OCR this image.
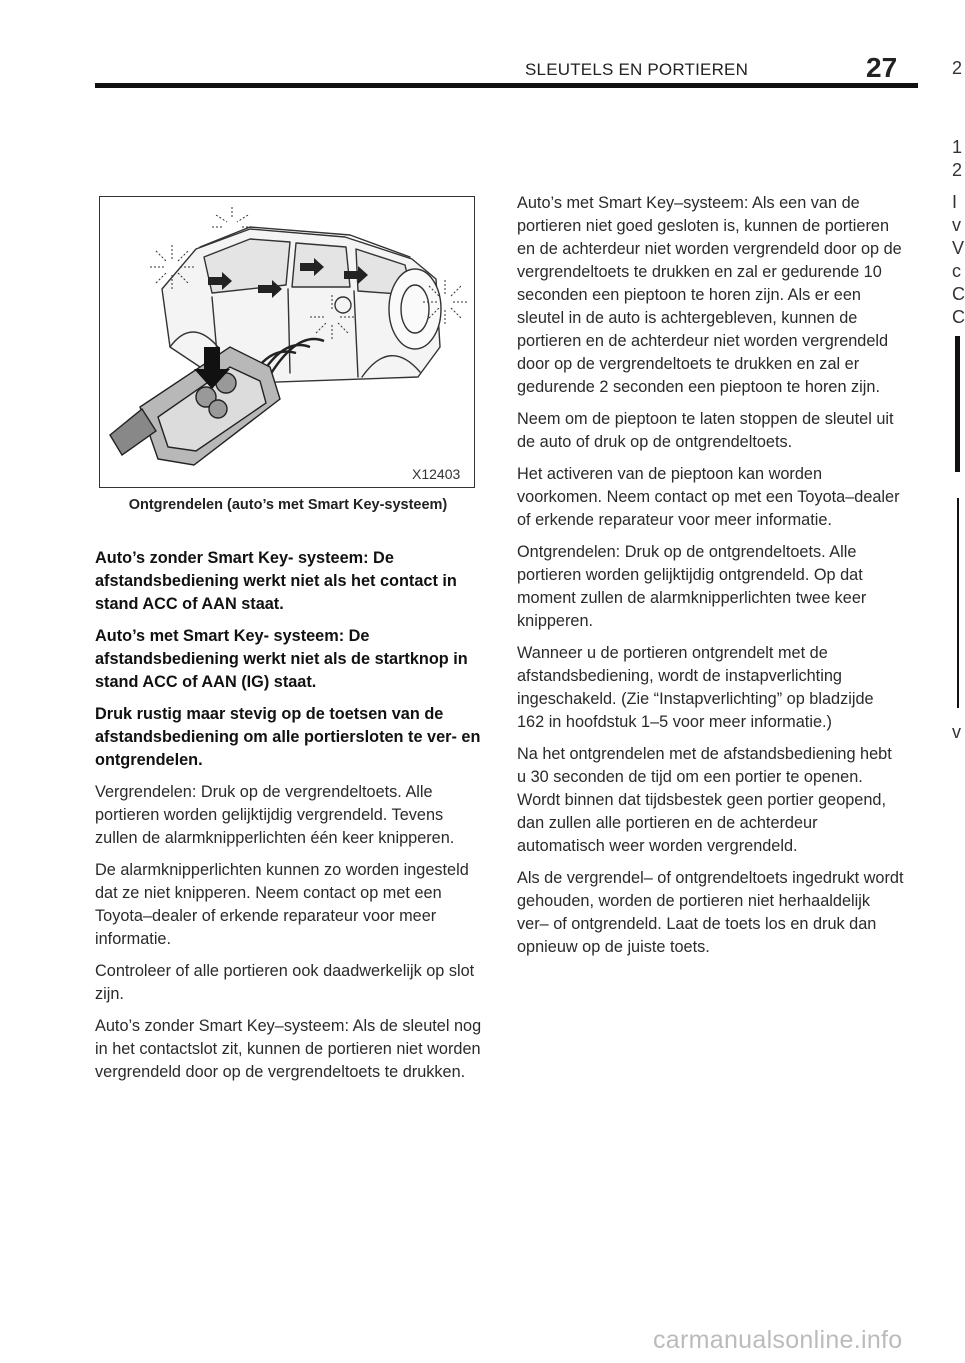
SLEUTELS EN PORTIEREN	27	2
1
2
I
v
V
c
C
C
v
X12403
Ontgrendelen (auto’s met Smart Key‑systeem)

Auto’s zonder Smart Key- systeem: De afstandsbediening werkt niet als het contact in stand ACC of AAN staat.

Auto’s met Smart Key- systeem: De afstandsbediening werkt niet als de startknop in stand ACC of AAN (IG) staat.

Druk rustig maar stevig op de toetsen van de afstandsbediening om alle portiersloten te ver- en ontgrendelen.

Vergrendelen: Druk op de vergrendeltoets. Alle portieren worden gelijktijdig vergrendeld. Tevens zullen de alarmknipperlichten één keer knipperen.

De alarmknipperlichten kunnen zo worden ingesteld dat ze niet knipperen. Neem contact op met een Toyota–dealer of erkende reparateur voor meer informatie.

Controleer of alle portieren ook daadwerkelijk op slot zijn.

Auto’s zonder Smart Key–systeem: Als de sleutel nog in het contactslot zit, kunnen de portieren niet worden vergrendeld door op de vergrendeltoets te drukken.

Auto’s met Smart Key–systeem: Als een van de portieren niet goed gesloten is, kunnen de portieren en de achterdeur niet worden vergrendeld door op de vergrendeltoets te drukken en zal er gedurende 10 seconden een pieptoon te horen zijn. Als er een sleutel in de auto is achtergebleven, kunnen de portieren en de achterdeur niet worden vergrendeld door op de vergrendeltoets te drukken en zal er gedurende 2 seconden een pieptoon te horen zijn.

Neem om de pieptoon te laten stoppen de sleutel uit de auto of druk op de ontgrendeltoets.

Het activeren van de pieptoon kan worden voorkomen. Neem contact op met een Toyota–dealer of erkende reparateur voor meer informatie.

Ontgrendelen: Druk op de ontgrendeltoets. Alle portieren worden gelijktijdig ontgrendeld. Op dat moment zullen de alarmknipperlichten twee keer knipperen.

Wanneer u de portieren ontgrendelt met de afstandsbediening, wordt de instapverlichting ingeschakeld. (Zie “Instapverlichting” op bladzijde 162 in hoofdstuk 1–5 voor meer informatie.)

Na het ontgrendelen met de afstandsbediening hebt u 30 seconden de tijd om een portier te openen. Wordt binnen dat tijdsbestek geen portier geopend, dan zullen alle portieren en de achterdeur automatisch weer worden vergrendeld.

Als de vergrendel– of ontgrendeltoets ingedrukt wordt gehouden, worden de portieren niet herhaaldelijk ver– of ontgrendeld. Laat de toets los en druk dan opnieuw op de juiste toets.

carmanualsonline.info
